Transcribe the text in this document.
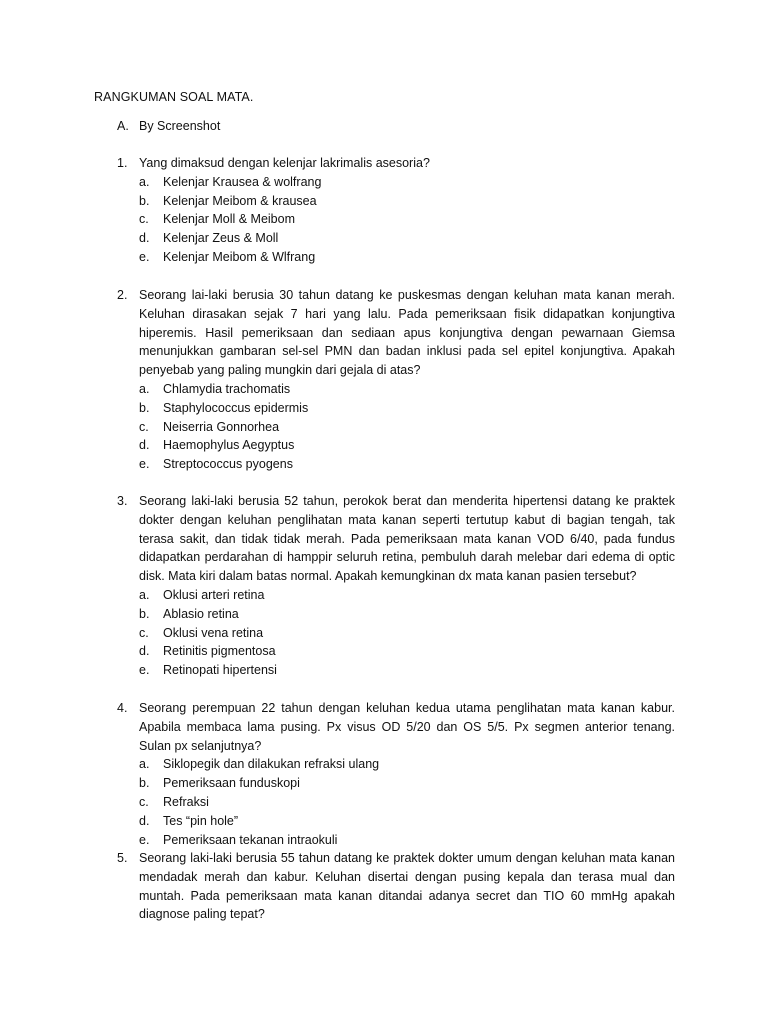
RANGKUMAN SOAL MATA.
A. By Screenshot
1. Yang dimaksud dengan kelenjar lakrimalis asesoria?
a.	Kelenjar Krausea & wolfrang
b.	Kelenjar Meibom & krausea
c.	Kelenjar Moll & Meibom
d.	Kelenjar Zeus & Moll
e.	Kelenjar Meibom & Wlfrang
2. Seorang lai-laki berusia 30 tahun datang ke puskesmas dengan keluhan mata kanan merah. Keluhan dirasakan sejak 7 hari yang lalu. Pada pemeriksaan fisik didapatkan konjungtiva hiperemis. Hasil pemeriksaan dan sediaan apus konjungtiva dengan pewarnaan Giemsa menunjukkan gambaran sel-sel PMN dan badan inklusi pada sel epitel konjungtiva. Apakah penyebab yang paling mungkin dari gejala di atas?
a.	Chlamydia trachomatis
b.	Staphylococcus epidermis
c.	Neiserria Gonnorhea
d.	Haemophylus Aegyptus
e.	Streptococcus pyogens
3. Seorang laki-laki berusia 52 tahun, perokok berat dan menderita hipertensi datang ke praktek dokter dengan keluhan penglihatan mata kanan seperti tertutup kabut di bagian tengah, tak terasa sakit, dan tidak tidak merah. Pada pemeriksaan mata kanan VOD 6/40, pada fundus didapatkan perdarahan di hamppir seluruh retina, pembuluh darah melebar dari edema di optic disk. Mata kiri dalam batas normal. Apakah kemungkinan dx mata kanan pasien tersebut?
a.	Oklusi arteri retina
b.	Ablasio retina
c.	Oklusi vena retina
d.	Retinitis pigmentosa
e.	Retinopati hipertensi
4. Seorang perempuan 22 tahun dengan keluhan kedua utama penglihatan mata kanan kabur. Apabila membaca lama pusing. Px visus OD 5/20 dan OS 5/5. Px segmen anterior tenang. Sulan px selanjutnya?
a.	Siklopegik dan dilakukan refraksi ulang
b.	Pemeriksaan funduskopi
c.	Refraksi
d.	Tes “pin hole”
e.	Pemeriksaan tekanan intraokuli
5. Seorang laki-laki berusia 55 tahun datang ke praktek dokter umum dengan keluhan mata kanan mendadak merah dan kabur. Keluhan disertai dengan pusing kepala dan terasa mual dan muntah. Pada pemeriksaan mata kanan ditandai adanya secret dan TIO 60 mmHg apakah diagnose paling tepat?
